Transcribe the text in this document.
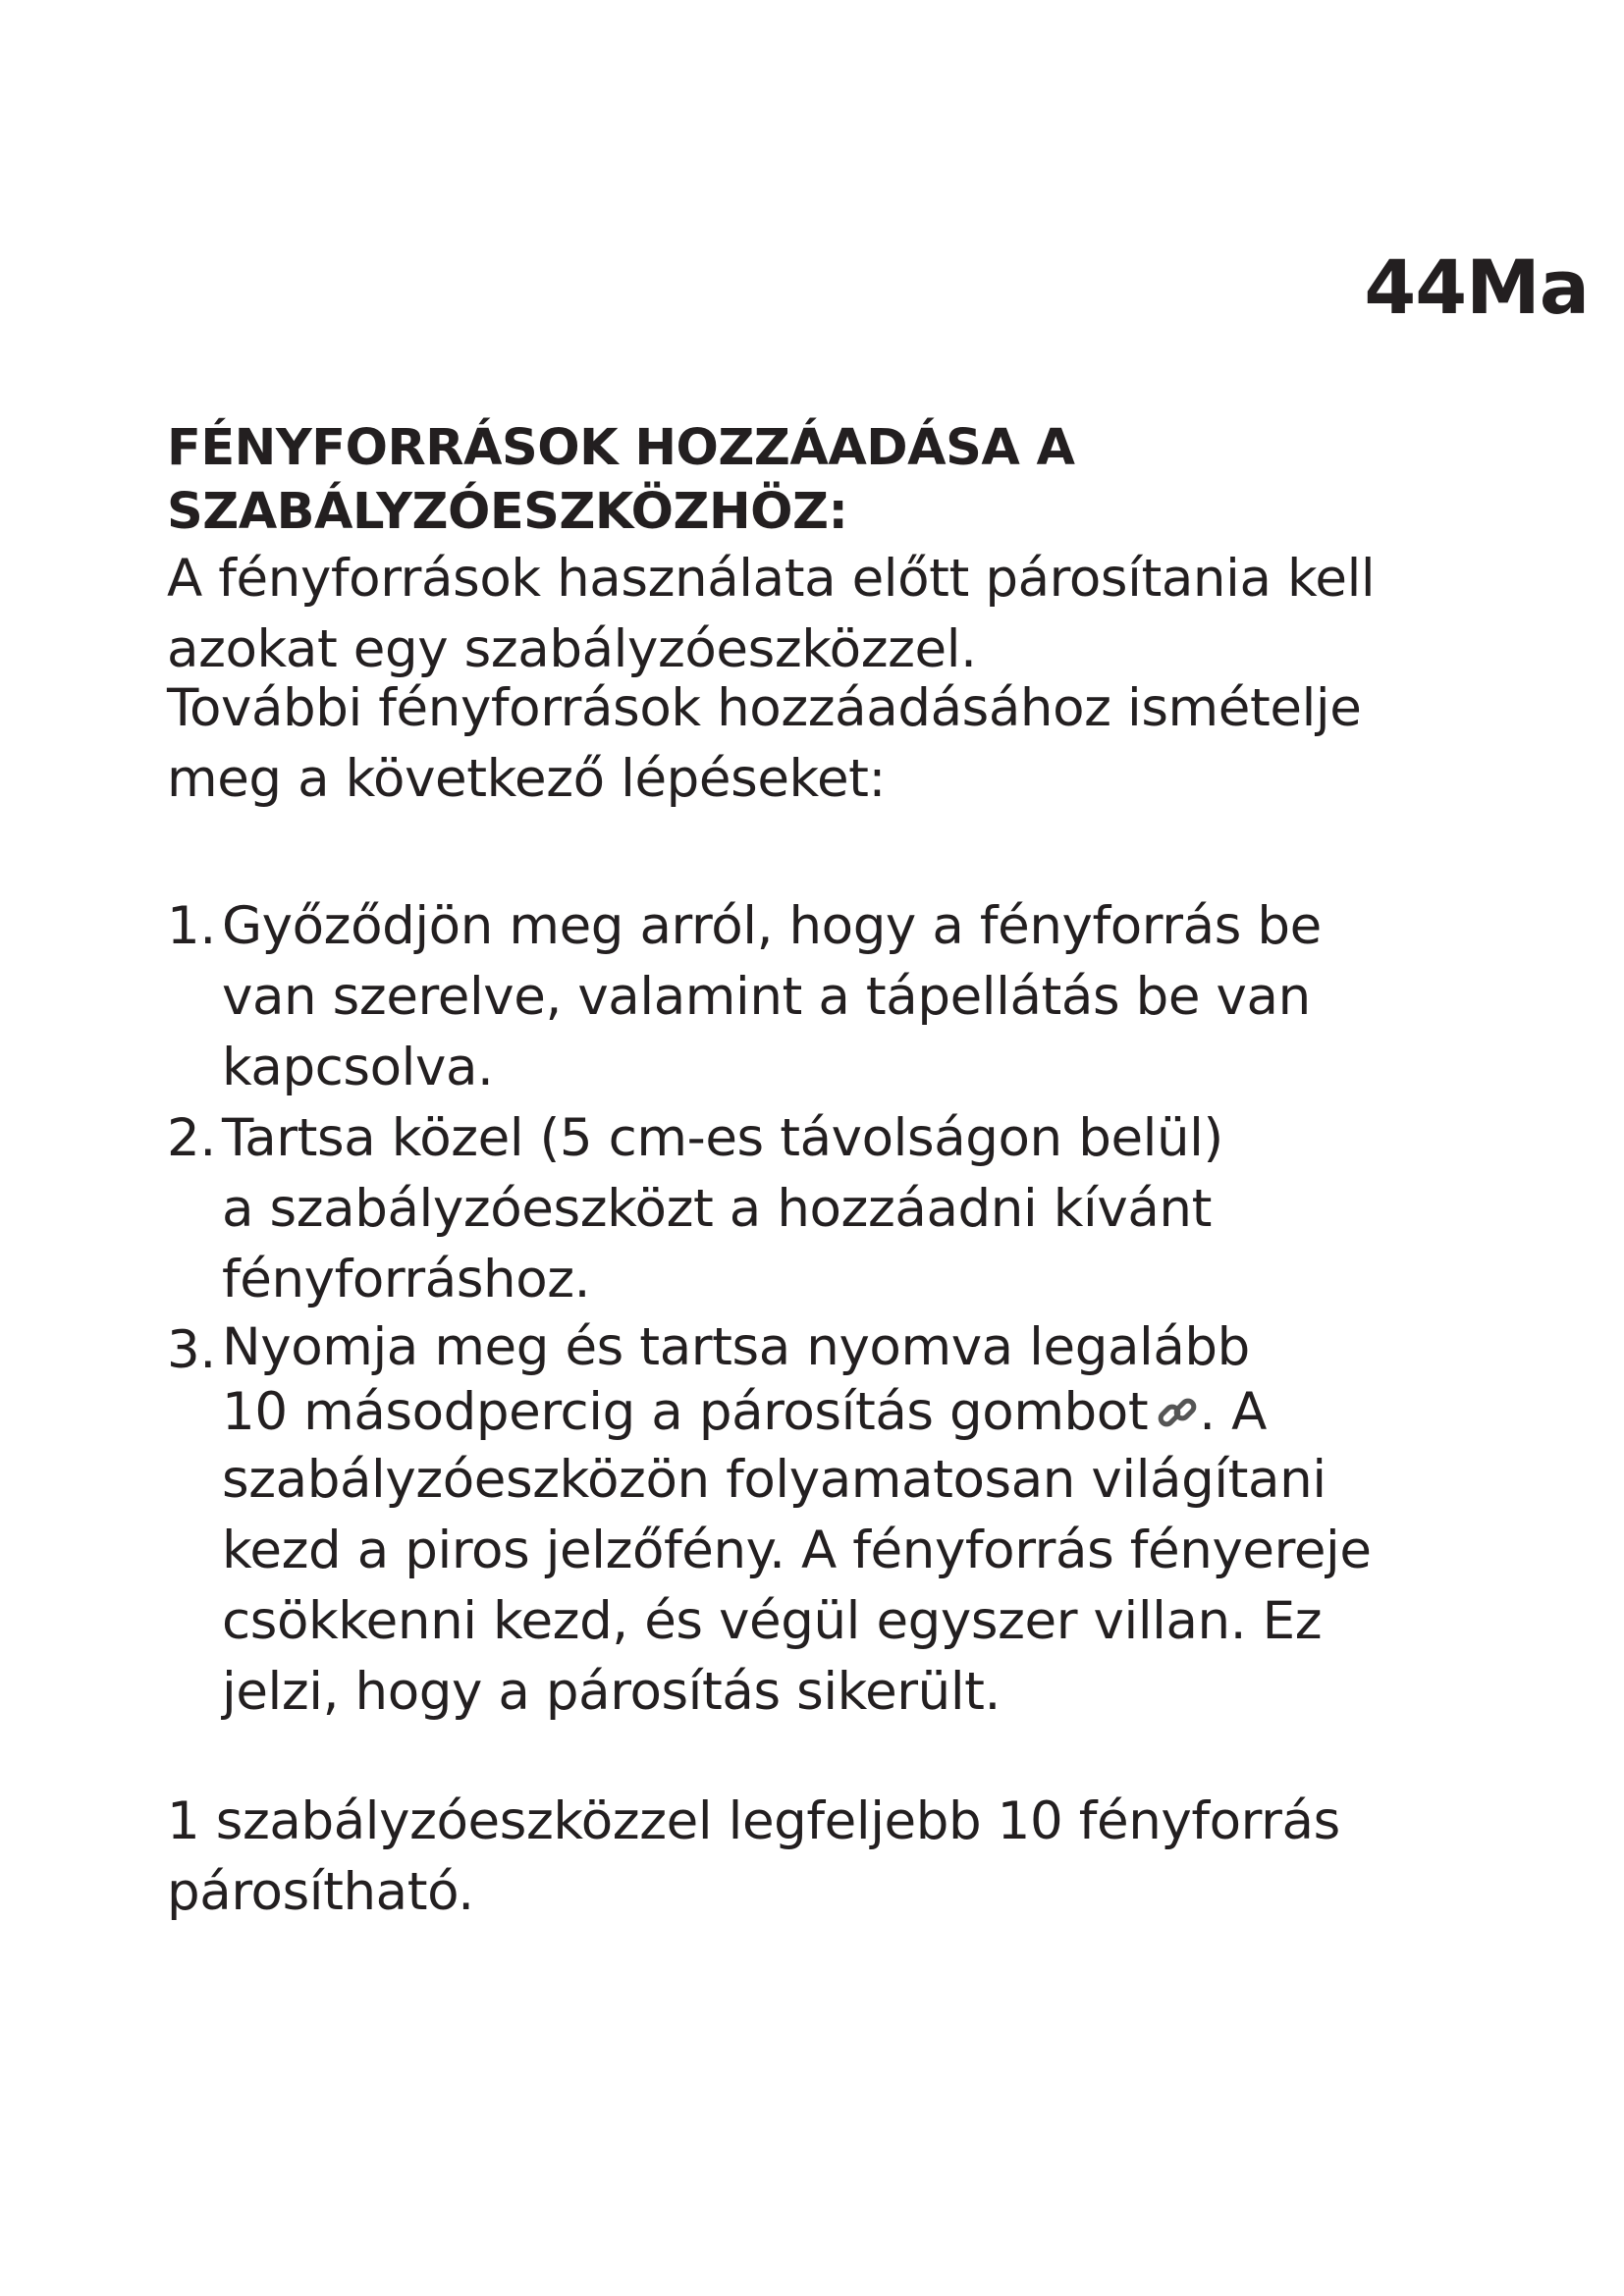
44Ma
FÉNYFORRÁSOK HOZZÁADÁSA A
SZABÁLYZÓESZKÖZHÖZ:
A fényforrások használata előtt párosítania kell
azokat egy szabályzóeszközzel.
További fényforrások hozzáadásához ismételje
meg a következő lépéseket:
1. Győződjön meg arról, hogy a fényforrás be
van szerelve, valamint a tápellátás be van
kapcsolva.
2. Tartsa közel (5 cm-es távolságon belül)
a szabályzóeszközt a hozzáadni kívánt
fényforráshoz.
3. Nyomja meg és tartsa nyomva legalább
10 másodpercig a párosítás gombot . A
szabályzóeszközön folyamatosan világítani
kezd a piros jelzőfény. A fényforrás fényereje
csökkenni kezd, és végül egyszer villan. Ez
jelzi, hogy a párosítás sikerült.
1 szabályzóeszközzel legfeljebb 10 fényforrás
párosítható.
